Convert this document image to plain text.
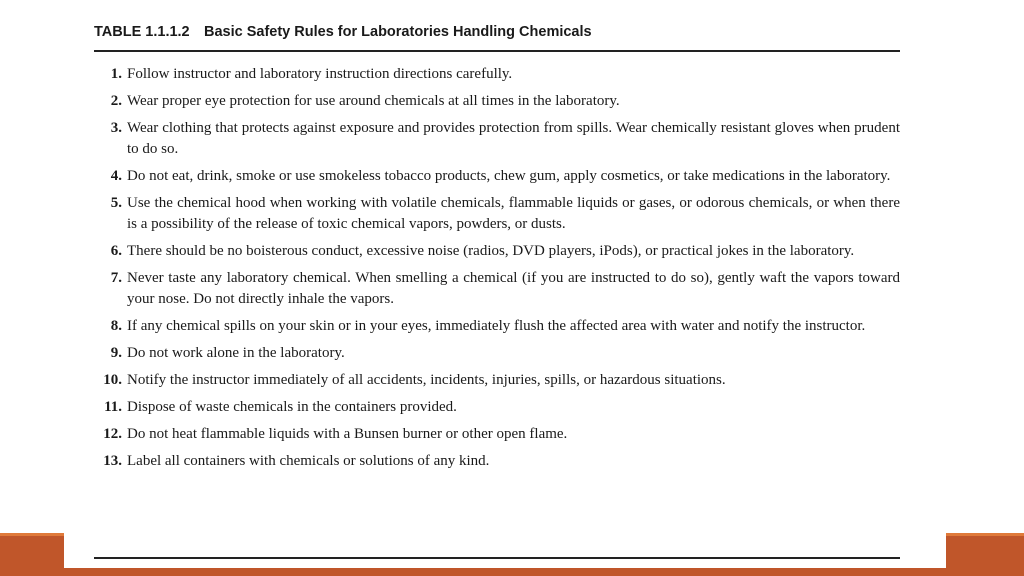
TABLE 1.1.1.2 Basic Safety Rules for Laboratories Handling Chemicals
1 . Follow instructor and laboratory instruction directions carefully.
2 . Wear proper eye protection for use around chemicals at all times in the laboratory.
3 . Wear clothing that protects against exposure and provides protection from spills. Wear chemically resistant gloves when prudent to do so.
4 . Do not eat, drink, smoke or use smokeless tobacco products, chew gum, apply cosmetics, or take medications in the laboratory.
5 . Use the chemical hood when working with volatile chemicals, flammable liquids or gases, or odorous chemicals, or when there is a possibility of the release of toxic chemical vapors, powders, or dusts.
6 . There should be no boisterous conduct, excessive noise (radios, DVD players, iPods), or practical jokes in the laboratory.
7 . Never taste any laboratory chemical. When smelling a chemical (if you are instructed to do so), gently waft the vapors toward your nose. Do not directly inhale the vapors.
8 . If any chemical spills on your skin or in your eyes, immediately flush the affected area with water and notify the instructor.
9 . Do not work alone in the laboratory.
10 . Notify the instructor immediately of all accidents, incidents, injuries, spills, or hazardous situations.
11 . Dispose of waste chemicals in the containers provided.
12 . Do not heat flammable liquids with a Bunsen burner or other open flame.
13 . Label all containers with chemicals or solutions of any kind.
